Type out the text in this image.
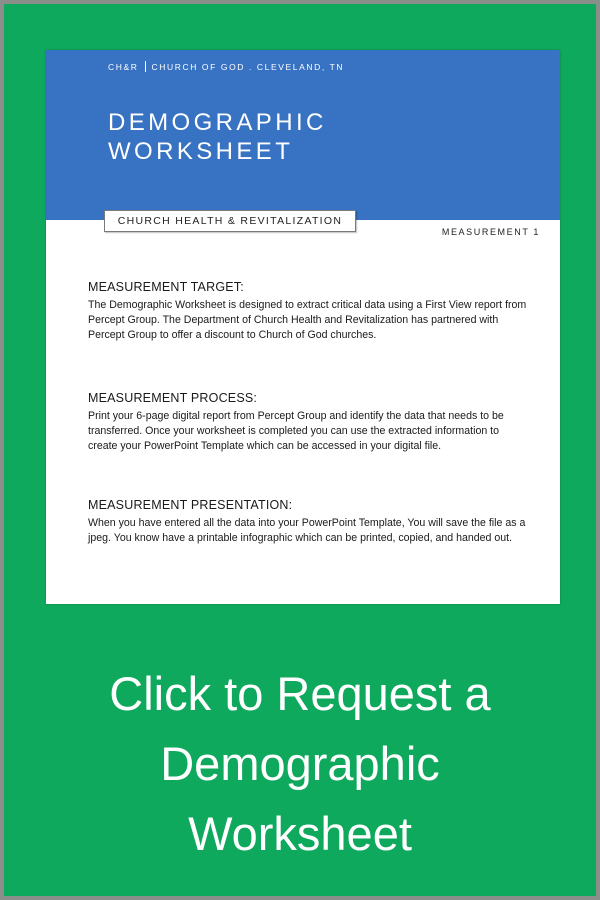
CH&R CHURCH OF GOD . CLEVELAND, TN
DEMOGRAPHIC
WORKSHEET
CHURCH HEALTH & REVITALIZATION
MEASUREMENT 1
MEASUREMENT TARGET:

The Demographic Worksheet is designed to extract critical data using a First View report from Percept Group. The Department of Church Health and Revitalization has partnered with Percept Group to offer a discount to Church of God churches.

MEASUREMENT PROCESS:

Print your 6-page digital report from Percept Group and identify the data that needs to be transferred. Once your worksheet is completed you can use the extracted information to create your PowerPoint Template which can be accessed in your digital file.

MEASUREMENT PRESENTATION:

When you have entered all the data into your PowerPoint Template, You will save the file as a jpeg. You know have a printable infographic which can be printed, copied, and handed out.

Click to Request a
Demographic
Worksheet
